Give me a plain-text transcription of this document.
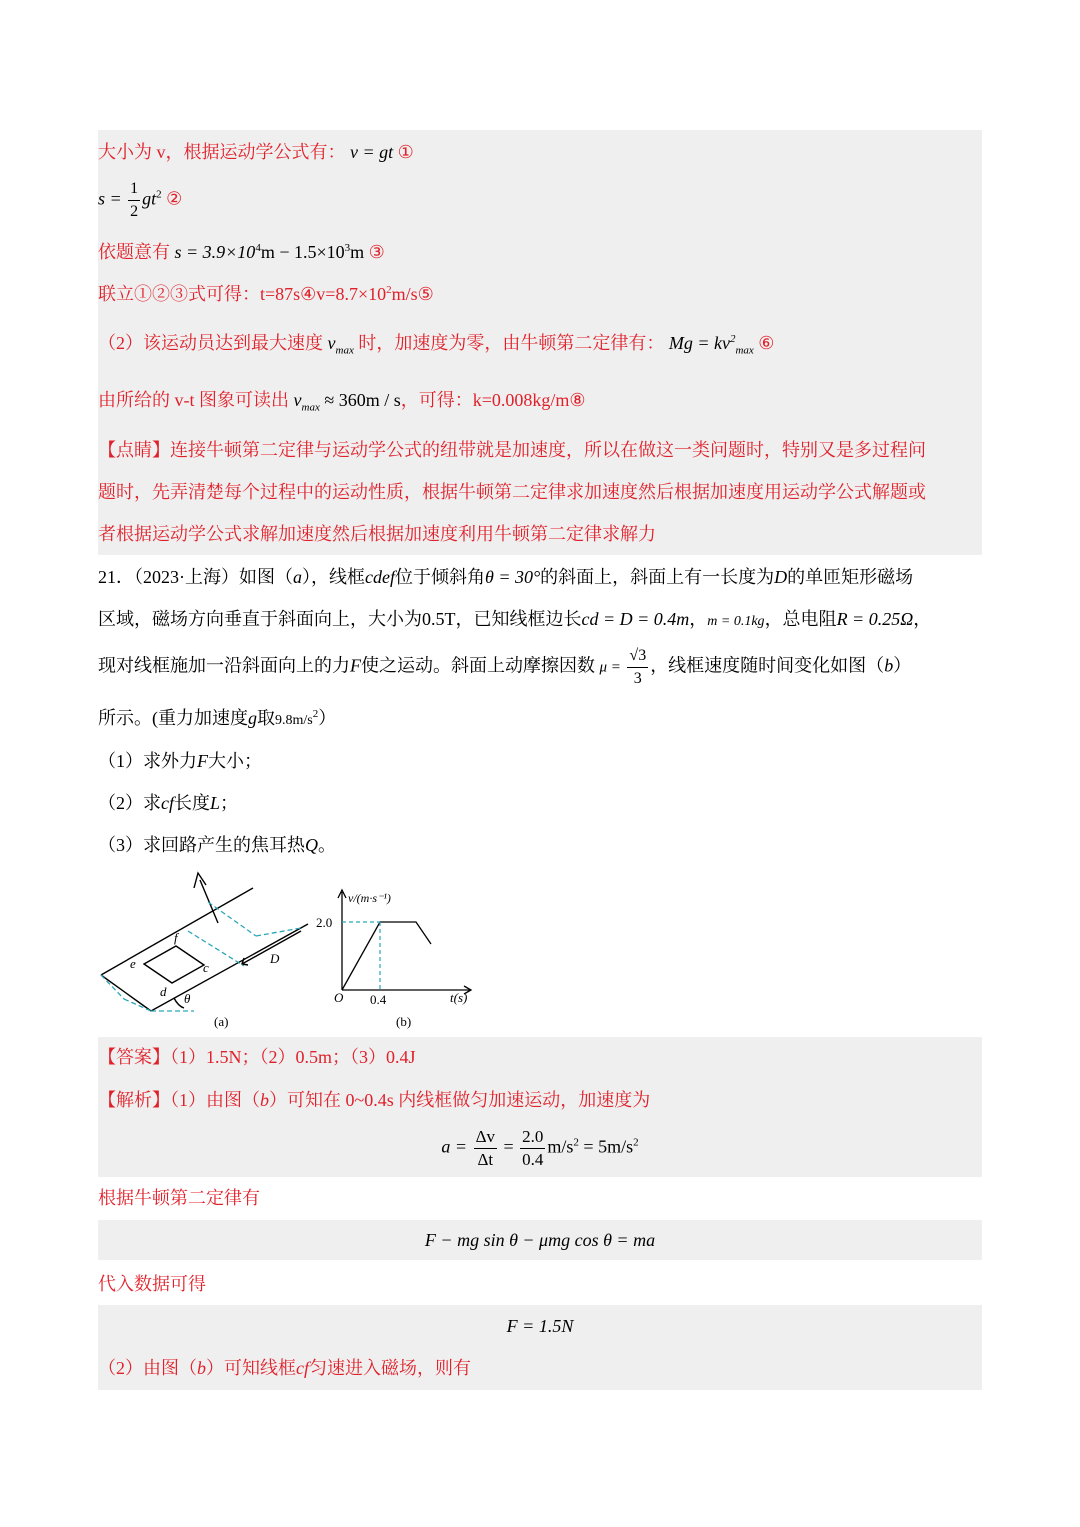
大小为 v，根据运动学公式有： v = gt ①
$s = \frac{1}{2} gt^2$ ②
依题意有 $s = 3.9\times 10^4m - 1.5\times 10^3m$ ③
联立①②③式可得：$t=87s④v=8.7\times 10^2m/s⑤$
（2）该运动员达到最大速度 $v_{max}$ 时，加速度为零，由牛顿第二定律有： $Mg = kv^2_{max}$ ⑥
由所给的 v-t 图象可读出 $v_{max} \approx 360m / s$，可得：k=0.008kg/m⑧
【点睛】连接牛顿第二定律与运动学公式的纽带就是加速度，所以在做这一类问题时，特别又是多过程问
题时，先弄清楚每个过程中的运动性质，根据牛顿第二定律求加速度然后根据加速度用运动学公式解题或
者根据运动学公式求解加速度然后根据加速度利用牛顿第二定律求解力
21．（2023·上海）如图（a），线框cdef位于倾斜角θ = 30°的斜面上，斜面上有一长度为D的单匝矩形磁场
区域，磁场方向垂直于斜面向上，大小为0.5T，已知线框边长cd = D = 0.4m，m = 0.1kg，总电阻R = 0.25Ω，
现对线框施加一沿斜面向上的力F使之运动。斜面上动摩擦因数 $\mu = \frac{√3}{3}$ ，线框速度随时间变化如图（b）
所示。(重力加速度g取$9.8m/s^2$）
（1）求外力F大小；
（2）求cf长度L；
（3）求回路产生的焦耳热Q。
f
e	c
d
D
θ
(a)
v/(m·s⁻¹)
2.0
O 0.4	t(s)
(b)
【答案】（1）1.5N；（2）0.5m；（3）0.4J
【解析】（1）由图（b）可知在 0~0.4s 内线框做匀加速运动，加速度为
$a = \frac{\Delta v}{\Delta t} = \frac{2.0}{0.4} m/s^2 = 5m/s^2$
根据牛顿第二定律有
F − mg sin θ − μmg cos θ = ma
代入数据可得
F = 1.5N
（2）由图（b）可知线框cf匀速进入磁场，则有
